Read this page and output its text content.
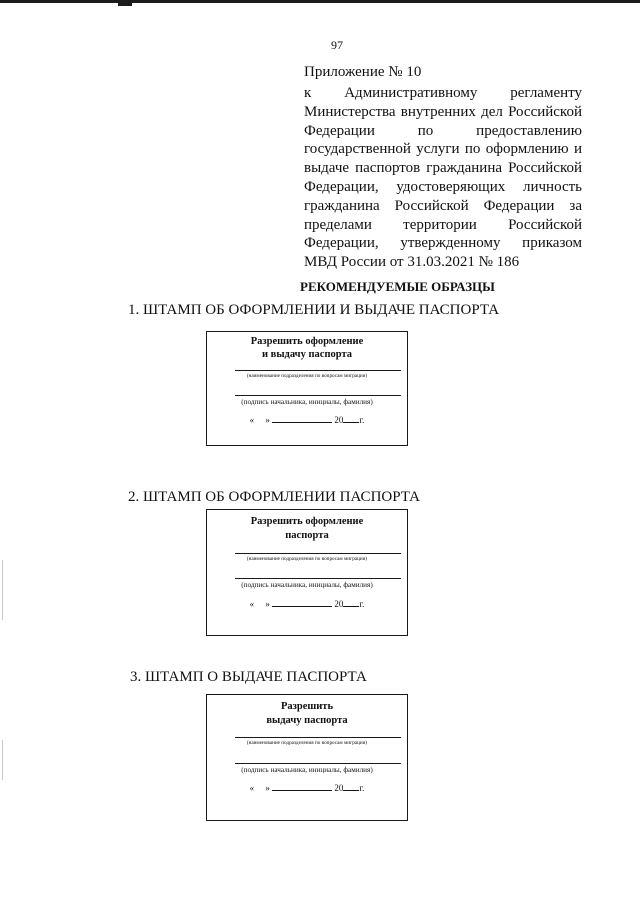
97
Приложение № 10
к Административному регламенту
Министерства внутренних дел Российской
Федерации по предоставлению
государственной услуги по оформлению и
выдаче паспортов гражданина Российской
Федерации, удостоверяющих личность
гражданина Российской Федерации за
пределами территории Российской
Федерации, утвержденному приказом
МВД России от 31.03.2021 № 186
РЕКОМЕНДУЕМЫЕ ОБРАЗЦЫ
1. ШТАМП ОБ ОФОРМЛЕНИИ И ВЫДАЧЕ ПАСПОРТА
Разрешить оформление
и выдачу паспорта
(наименование подразделения по вопросам миграции)
(подпись начальника, инициалы, фамилия)
« »	20 г.
2. ШТАМП ОБ ОФОРМЛЕНИИ ПАСПОРТА
Разрешить оформление
паспорта
(наименование подразделения по вопросам миграции)
(подпись начальника, инициалы, фамилия)
« »	20 г.
3. ШТАМП О ВЫДАЧЕ ПАСПОРТА
Разрешить
выдачу паспорта
(наименование подразделения по вопросам миграции)
(подпись начальника, инициалы, фамилия)
« »	20 г.
